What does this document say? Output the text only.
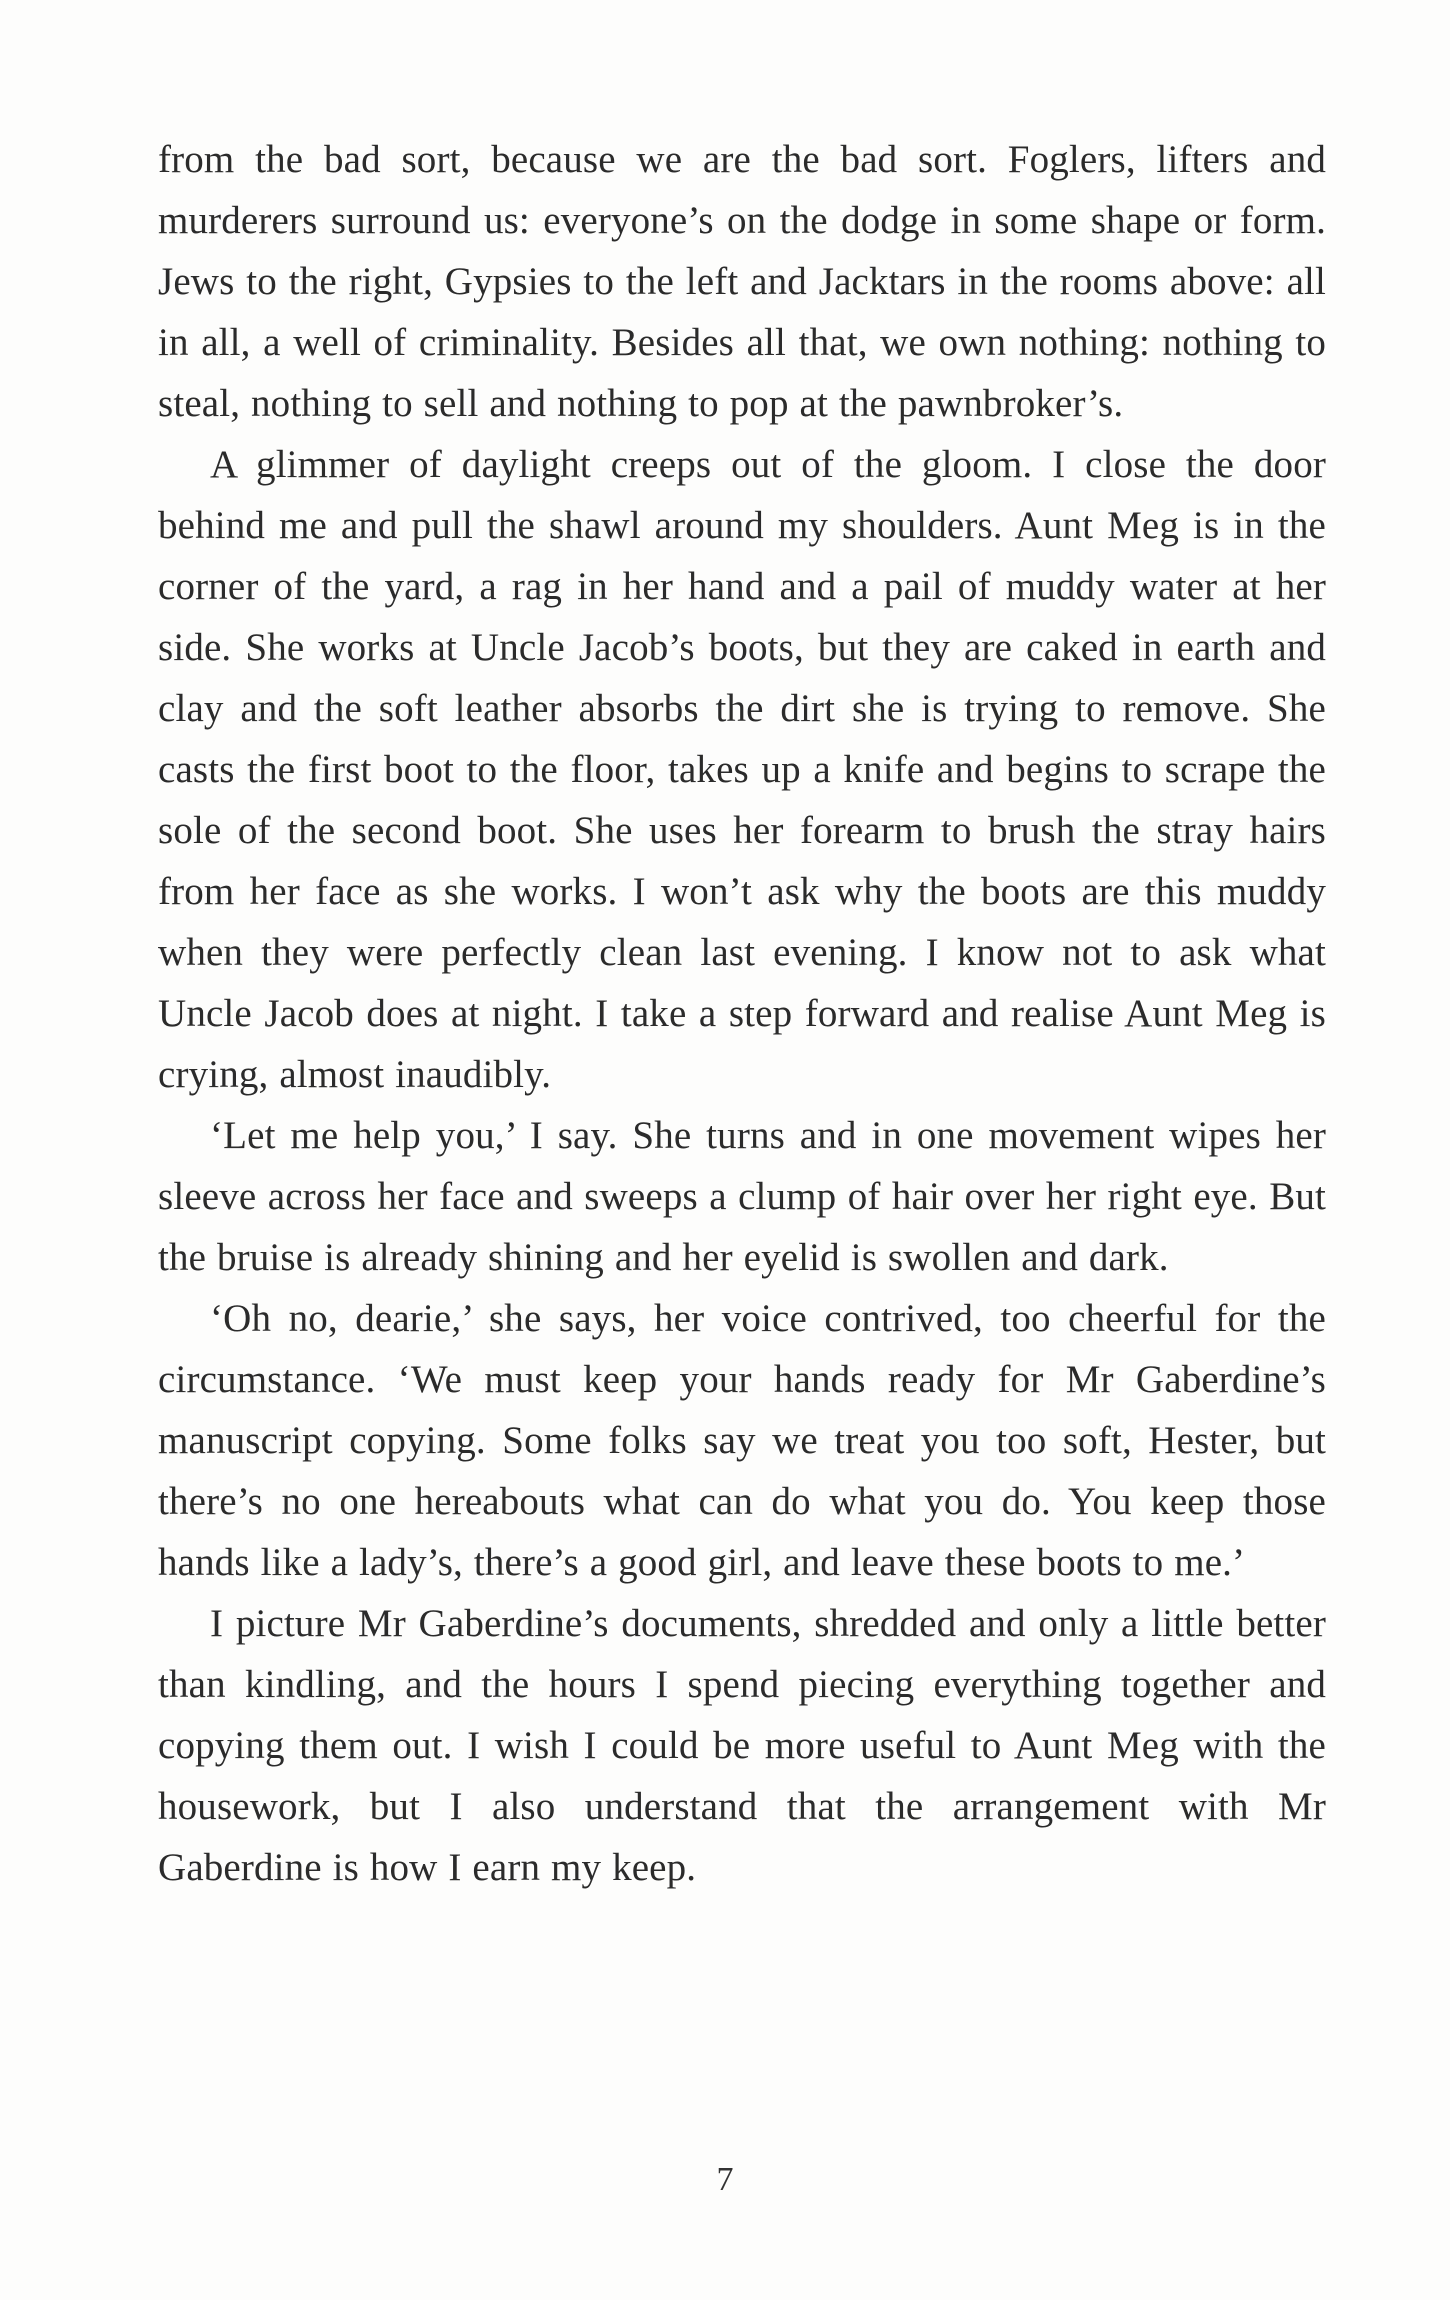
from the bad sort, because we are the bad sort. Foglers, lifters and murderers surround us: everyone’s on the dodge in some shape or form. Jews to the right, Gypsies to the left and Jacktars in the rooms above: all in all, a well of criminality. Besides all that, we own nothing: nothing to steal, nothing to sell and nothing to pop at the pawnbroker’s.

A glimmer of daylight creeps out of the gloom. I close the door behind me and pull the shawl around my shoulders. Aunt Meg is in the corner of the yard, a rag in her hand and a pail of muddy water at her side. She works at Uncle Jacob’s boots, but they are caked in earth and clay and the soft leather absorbs the dirt she is trying to remove. She casts the first boot to the floor, takes up a knife and begins to scrape the sole of the second boot. She uses her forearm to brush the stray hairs from her face as she works. I won’t ask why the boots are this muddy when they were perfectly clean last evening. I know not to ask what Uncle Jacob does at night. I take a step forward and realise Aunt Meg is crying, almost inaudibly.

‘Let me help you,’ I say. She turns and in one movement wipes her sleeve across her face and sweeps a clump of hair over her right eye. But the bruise is already shining and her eyelid is swollen and dark.

‘Oh no, dearie,’ she says, her voice contrived, too cheerful for the circumstance. ‘We must keep your hands ready for Mr Gaberdine’s manuscript copying. Some folks say we treat you too soft, Hester, but there’s no one hereabouts what can do what you do. You keep those hands like a lady’s, there’s a good girl, and leave these boots to me.’

I picture Mr Gaberdine’s documents, shredded and only a little better than kindling, and the hours I spend piecing everything together and copying them out. I wish I could be more useful to Aunt Meg with the housework, but I also understand that the arrangement with Mr Gaberdine is how I earn my keep.

7
